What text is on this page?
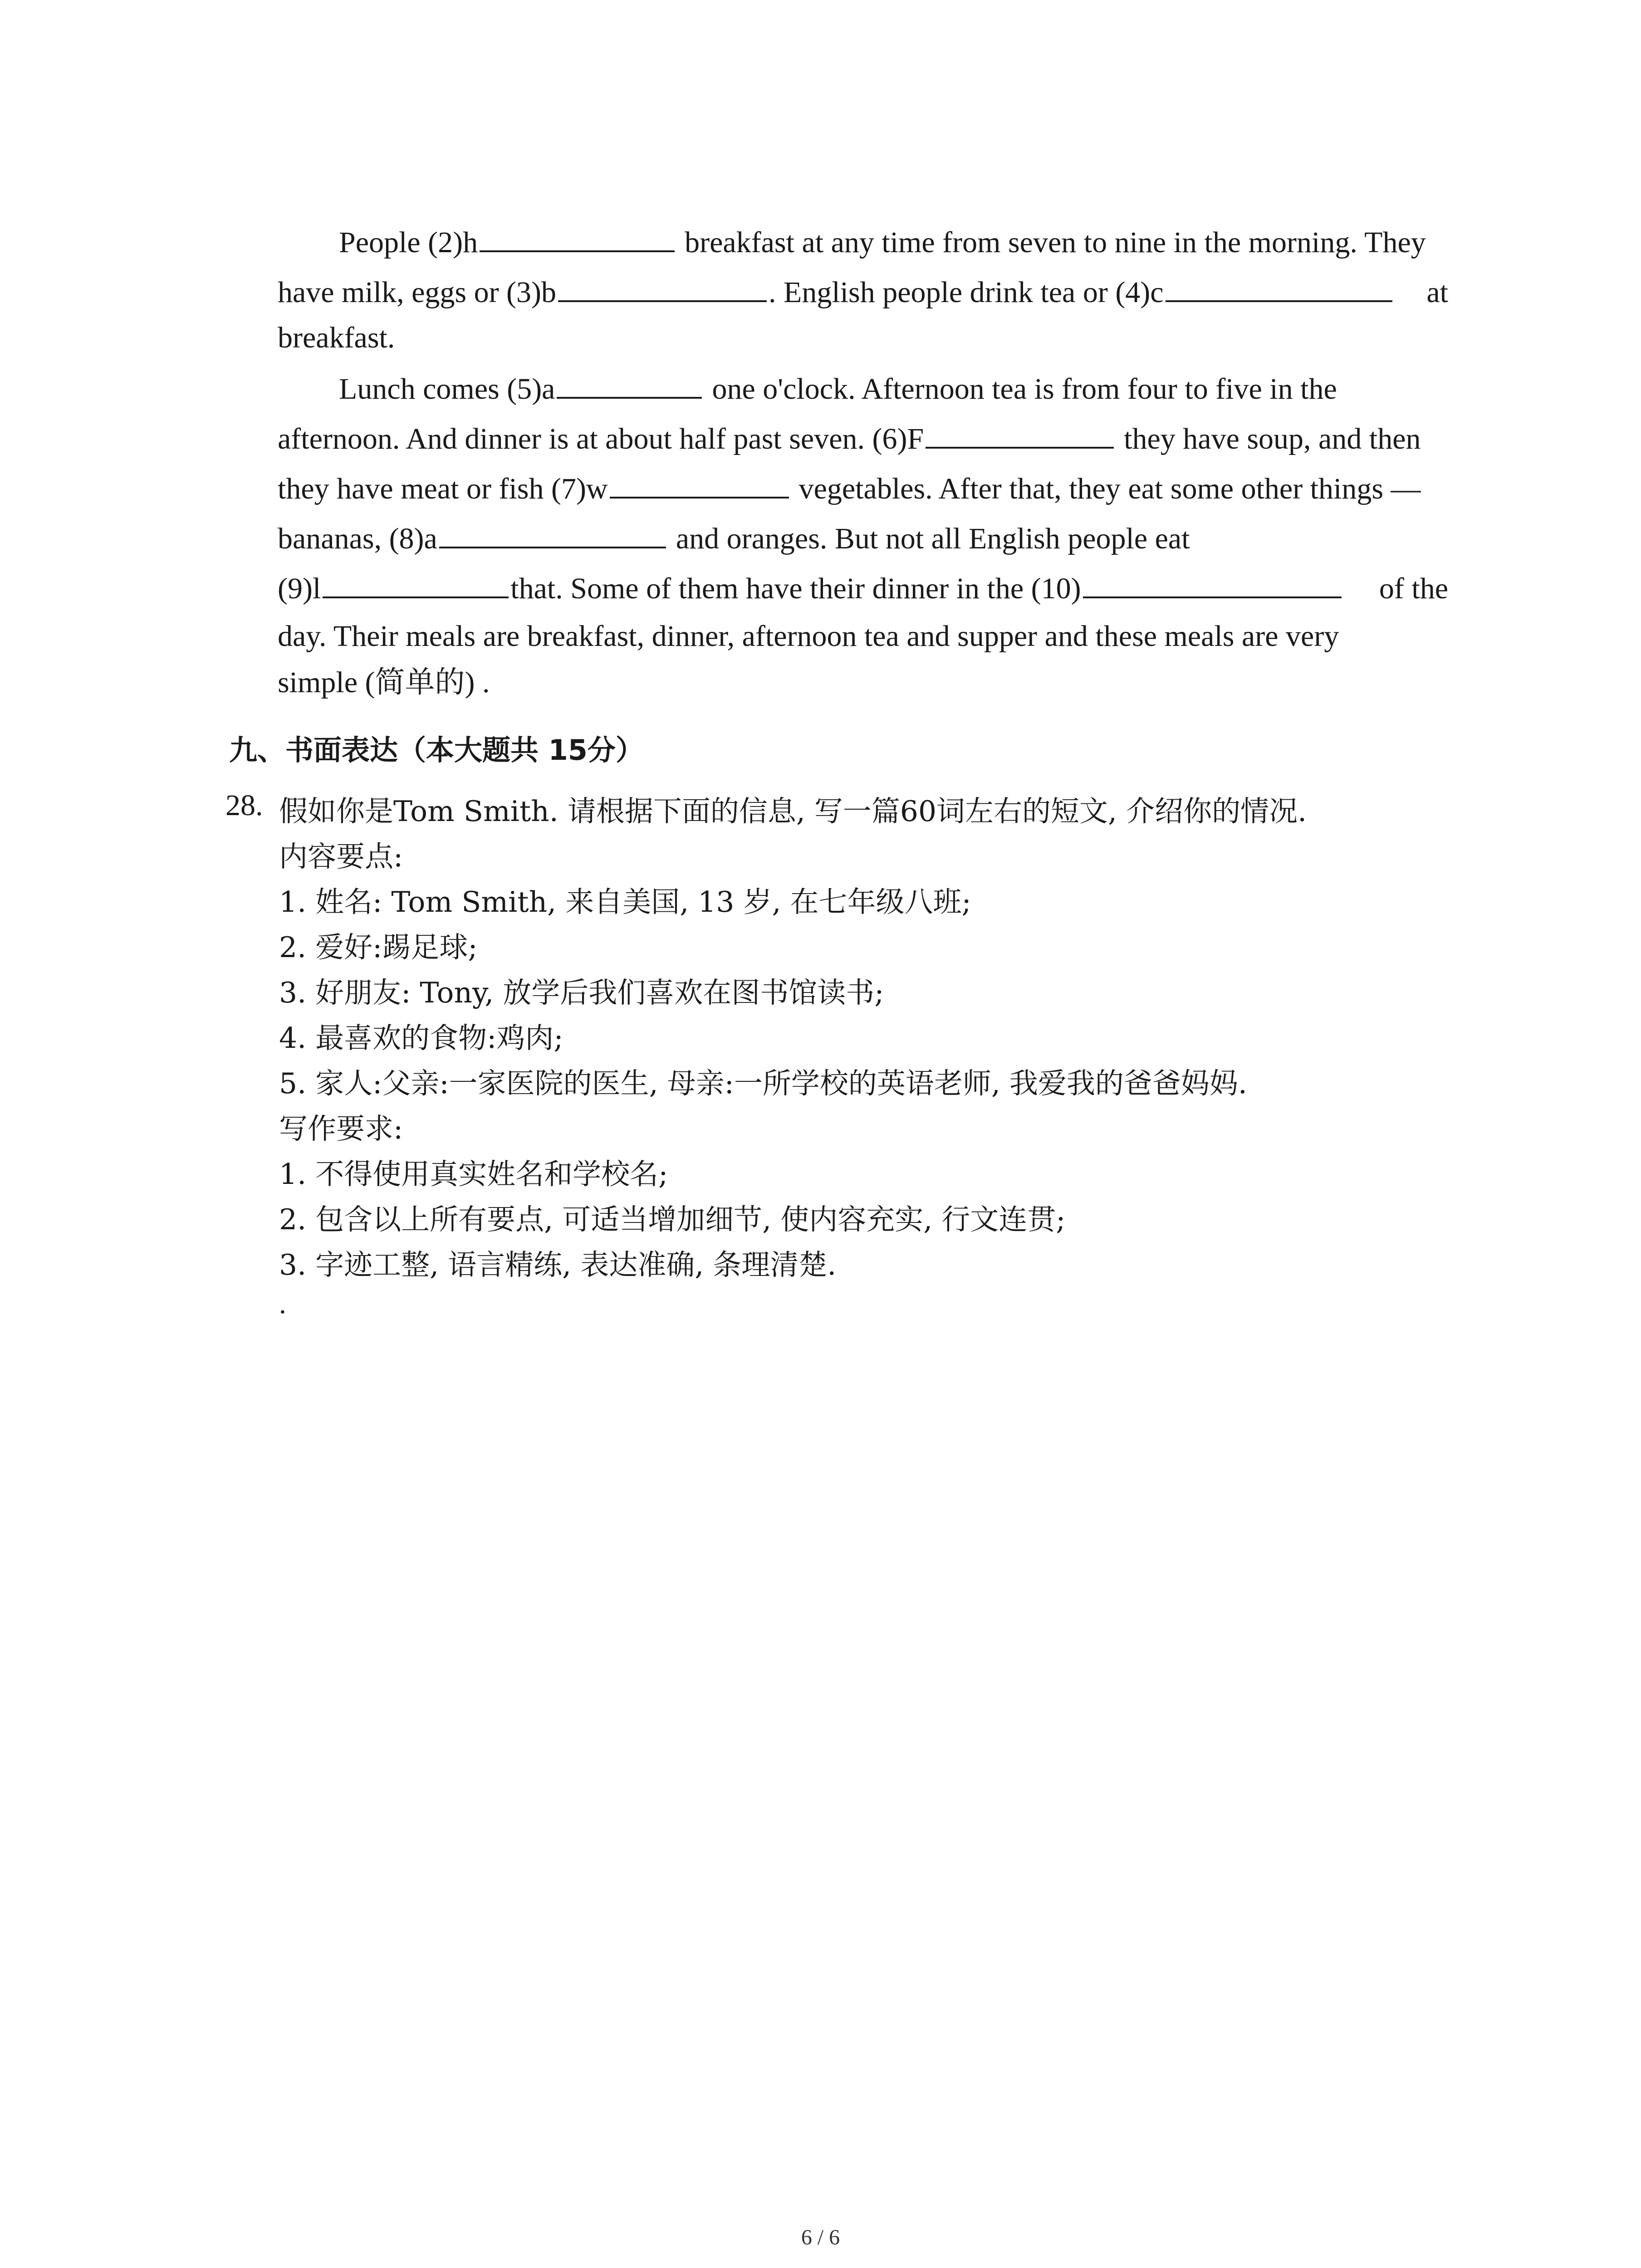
People (2)h	breakfast at any time from seven to nine in the morning. They
have milk, eggs or (3)b	. English people drink tea or (4)c	at
breakfast.
Lunch comes (5)a	one o'clock. Afternoon tea is from four to five in the
afternoon. And dinner is at about half past seven. (6)F	they have soup, and then
they have meat or fish (7)w	vegetables. After that, they eat some other things —
bananas, (8)a	and oranges. But not all English people eat
(9)l	that. Some of them have their dinner in the (10)	of the
day. Their meals are breakfast, dinner, afternoon tea and supper and these meals are very
simple (简单的) .
九、书面表达（本大题共 15分）
28. 假如你是Tom Smith. 请根据下面的信息, 写一篇60词左右的短文, 介绍你的情况.
内容要点:
1. 姓名: Tom Smith, 来自美国, 13 岁, 在七年级八班;
2. 爱好:踢足球;
3. 好朋友: Tony, 放学后我们喜欢在图书馆读书;
4. 最喜欢的食物:鸡肉;
5. 家人:父亲:一家医院的医生, 母亲:一所学校的英语老师, 我爱我的爸爸妈妈.
写作要求:
1. 不得使用真实姓名和学校名;
2. 包含以上所有要点, 可适当增加细节, 使内容充实, 行文连贯;
3. 字迹工整, 语言精练, 表达准确, 条理清楚.
.
6 / 6
